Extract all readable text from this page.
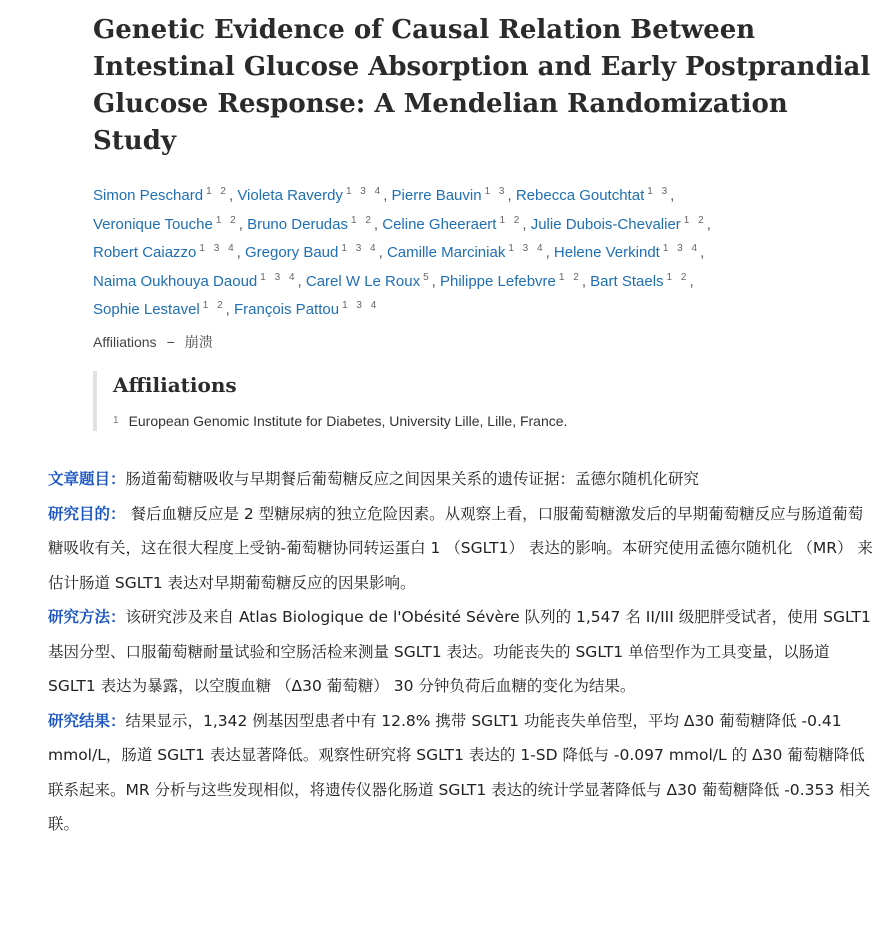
Genetic Evidence of Causal Relation Between Intestinal Glucose Absorption and Early Postprandial Glucose Response: A Mendelian Randomization Study
Simon Peschard $^{1 2}$, Violeta Raverdy $^{1 3 4}$, Pierre Bauvin $^{1 3}$, Rebecca Goutchtat $^{1 3}$, Veronique Touche $^{1 2}$, Bruno Derudas $^{1 2}$, Celine Gheeraert $^{1 2}$, Julie Dubois-Chevalier $^{1 2}$, Robert Caiazzo $^{1 3 4}$, Gregory Baud $^{1 3 4}$, Camille Marciniak $^{1 3 4}$, Helene Verkindt $^{1 3 4}$, Naima Oukhouya Daoud $^{1 3 4}$, Carel W Le Roux $^5$, Philippe Lefebvre $^{1 2}$, Bart Staels $^{1 2}$, Sophie Lestavel $^{1 2}$, François Pattou $^{1 3 4}$
Affiliations − 崩溃
Affiliations
1 European Genomic Institute for Diabetes, University Lille, Lille, France.

文章题目：肠道葡萄糖吸收与早期餐后葡萄糖反应之间因果关系的遗传证据：孟德尔随机化研究

研究目的： 餐后血糖反应是 2 型糖尿病的独立危险因素。从观察上看，口服葡萄糖激发后的早期葡萄糖反应与肠道葡萄糖吸收有关，这在很大程度上受钠-葡萄糖协同转运蛋白 1 （SGLT1） 表达的影响。本研究使用孟德尔随机化 （MR） 来估计肠道 SGLT1 表达对早期葡萄糖反应的因果影响。

研究方法：该研究涉及来自 Atlas Biologique de l'Obésité Sévère 队列的 1,547 名 II/III 级肥胖受试者，使用 SGLT1 基因分型、口服葡萄糖耐量试验和空肠活检来测量 SGLT1 表达。功能丧失的 SGLT1 单倍型作为工具变量，以肠道 SGLT1 表达为暴露，以空腹血糖 （Δ30 葡萄糖） 30 分钟负荷后血糖的变化为结果。

研究结果：结果显示，1,342 例基因型患者中有 12.8% 携带 SGLT1 功能丧失单倍型，平均 Δ30 葡萄糖降低 -0.41 mmol/L，肠道 SGLT1 表达显著降低。观察性研究将 SGLT1 表达的 1-SD 降低与 -0.097 mmol/L 的 Δ30 葡萄糖降低联系起来。MR 分析与这些发现相似，将遗传仪器化肠道 SGLT1 表达的统计学显著降低与 Δ30 葡萄糖降低 -0.353 相关联。
